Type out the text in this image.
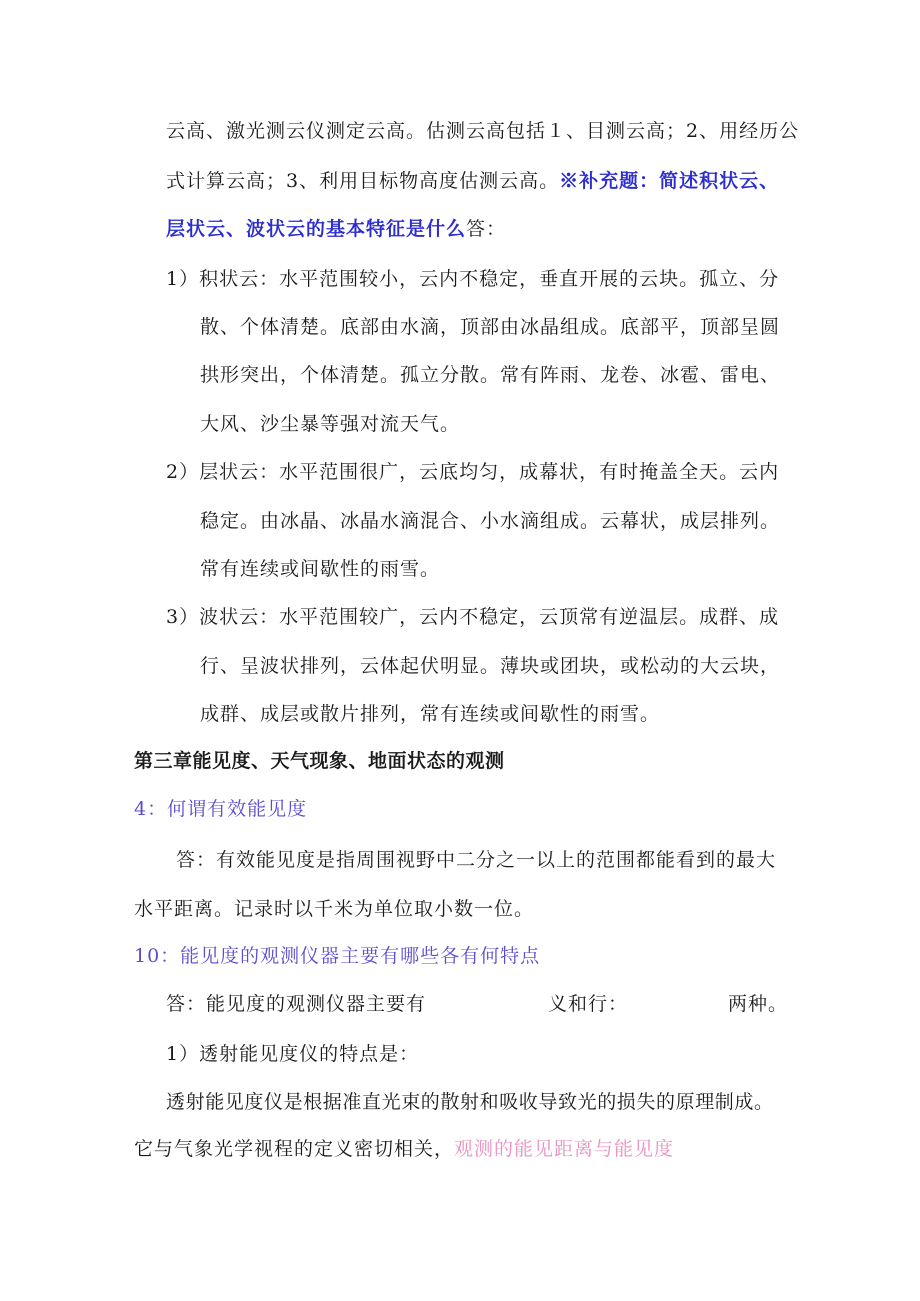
云高、激光测云仪测定云高。估测云高包括１、目测云高；2、用经历公
式计算云高；3、利用目标物高度估测云高。※补充题：简述积状云、
层状云、波状云的基本特征是什么答：
1）积状云：水平范围较小，云内不稳定，垂直开展的云块。孤立、分
散、个体清楚。底部由水滴，顶部由冰晶组成。底部平，顶部呈圆
拱形突出，个体清楚。孤立分散。常有阵雨、龙卷、冰雹、雷电、
大风、沙尘暴等强对流天气。
2）层状云：水平范围很广，云底均匀，成幕状，有时掩盖全天。云内
稳定。由冰晶、冰晶水滴混合、小水滴组成。云幕状，成层排列。
常有连续或间歇性的雨雪。
3）波状云：水平范围较广，云内不稳定，云顶常有逆温层。成群、成
行、呈波状排列，云体起伏明显。薄块或团块，或松动的大云块，
成群、成层或散片排列，常有连续或间歇性的雨雪。
第三章能见度、天气现象、地面状态的观测
4：何谓有效能见度
答：有效能见度是指周围视野中二分之一以上的范围都能看到的最大
水平距离。记录时以千米为单位取小数一位。
10：能见度的观测仪器主要有哪些各有何特点
答：能见度的观测仪器主要有	义和行：	两种。
1）透射能见度仪的特点是：
透射能见度仪是根据准直光束的散射和吸收导致光的损失的原理制成。
它与气象光学视程的定义密切相关，观测的能见距离与能见度
